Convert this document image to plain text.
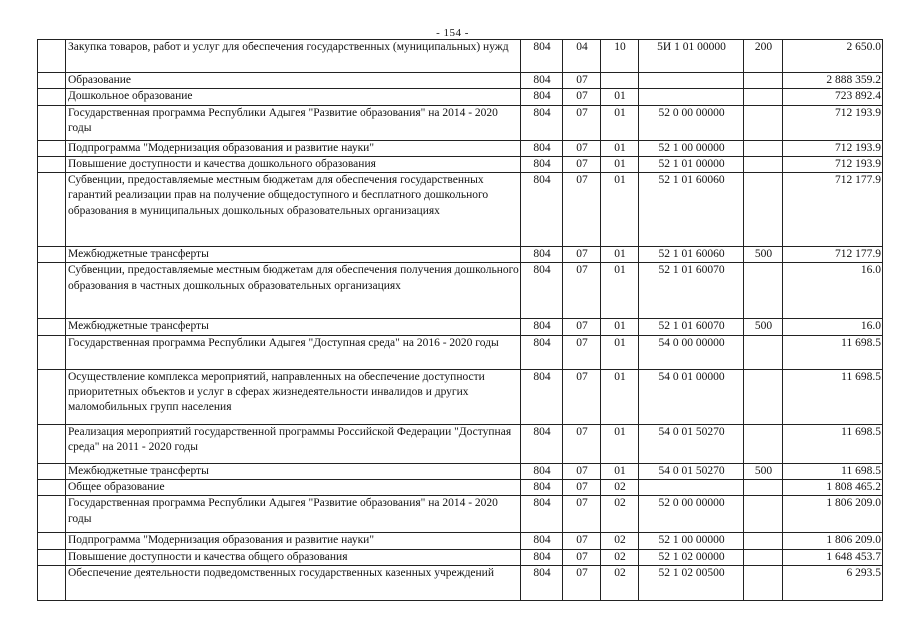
- 154 -
	Закупка товаров, работ и услуг для обеспечения государственных (муниципальных) нужд	804	04	10	5И 1 01 00000	200	2 650.0
	Образование	804	07				2 888 359.2
	Дошкольное образование	804	07	01			723 892.4
	Государственная программа Республики Адыгея "Развитие образования" на 2014 - 2020 годы	804	07	01	52 0 00 00000		712 193.9
	Подпрограмма "Модернизация образования и развитие науки"	804	07	01	52 1 00 00000		712 193.9
	Повышение доступности и качества дошкольного образования	804	07	01	52 1 01 00000		712 193.9
	Субвенции, предоставляемые местным бюджетам для обеспечения государственных гарантий реализации прав на получение общедоступного и бесплатного дошкольного образования в муниципальных дошкольных образовательных организациях	804	07	01	52 1 01 60060		712 177.9
	Межбюджетные трансферты	804	07	01	52 1 01 60060	500	712 177.9
	Субвенции, предоставляемые местным бюджетам для обеспечения получения дошкольного образования в частных дошкольных образовательных организациях	804	07	01	52 1 01 60070		16.0
	Межбюджетные трансферты	804	07	01	52 1 01 60070	500	16.0
	Государственная программа Республики Адыгея "Доступная среда" на 2016 - 2020 годы	804	07	01	54 0 00 00000		11 698.5
	Осуществление комплекса мероприятий, направленных на обеспечение доступности приоритетных объектов и услуг в сферах жизнедеятельности инвалидов и других маломобильных групп населения	804	07	01	54 0 01 00000		11 698.5
	Реализация мероприятий государственной программы Российской Федерации "Доступная среда" на 2011 - 2020 годы	804	07	01	54 0 01 50270		11 698.5
	Межбюджетные трансферты	804	07	01	54 0 01 50270	500	11 698.5
	Общее образование	804	07	02			1 808 465.2
	Государственная программа Республики Адыгея "Развитие образования" на 2014 - 2020 годы	804	07	02	52 0 00 00000		1 806 209.0
	Подпрограмма "Модернизация образования и развитие науки"	804	07	02	52 1 00 00000		1 806 209.0
	Повышение доступности и качества общего образования	804	07	02	52 1 02 00000		1 648 453.7
	Обеспечение деятельности подведомственных государственных казенных учреждений	804	07	02	52 1 02 00500		6 293.5
